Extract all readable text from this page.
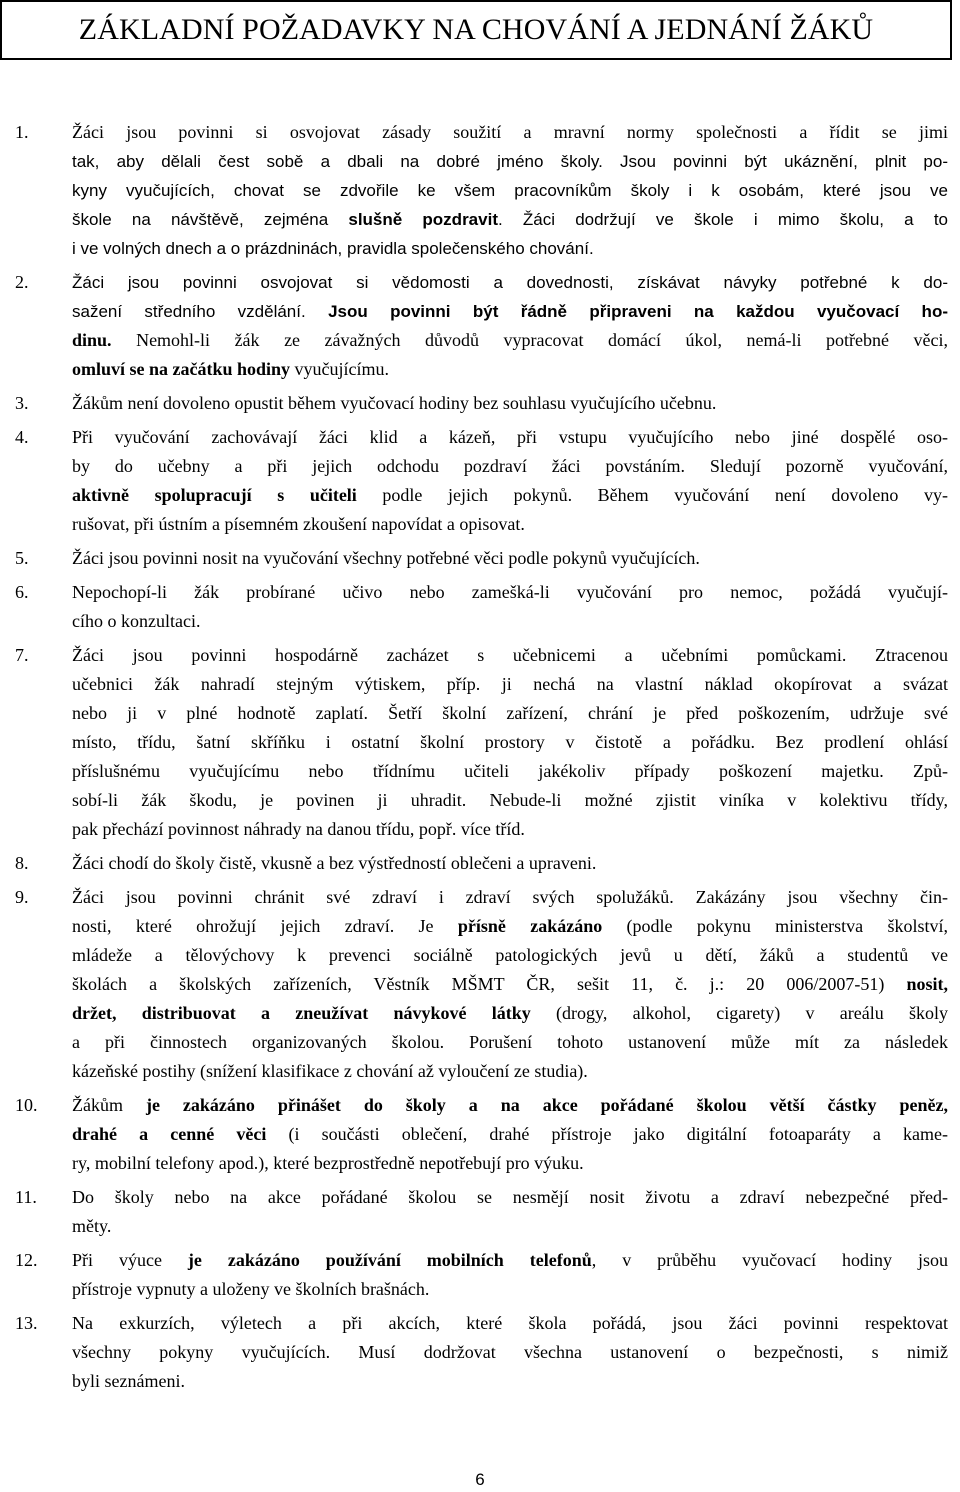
ZÁKLADNÍ POŽADAVKY NA CHOVÁNÍ A JEDNÁNÍ ŽÁKŮ
1.	Žáci jsou povinni si osvojovat zásady soužití a mravní normy společnosti a řídit se jimi
tak, aby dělali čest sobě a dbali na dobré jméno školy. Jsou povinni být ukáznění, plnit po-
kyny vyučujících, chovat se zdvořile ke všem pracovníkům školy i k osobám, které jsou ve
škole na návštěvě, zejména slušně pozdravit. Žáci dodržují ve škole i mimo školu, a to
i ve volných dnech a o prázdninách, pravidla společenského chování.
2.	Žáci jsou povinni osvojovat si vědomosti a dovednosti, získávat návyky potřebné k do-
sažení středního vzdělání. Jsou povinni být řádně připraveni na každou vyučovací ho-
dinu. Nemohl-li žák ze závažných důvodů vypracovat domácí úkol, nemá-li potřebné věci,
omluví se na začátku hodiny vyučujícímu.
3.	Žákům není dovoleno opustit během vyučovací hodiny bez souhlasu vyučujícího učebnu.
4.	Při vyučování zachovávají žáci klid a kázeň, při vstupu vyučujícího nebo jiné dospělé oso-
by do učebny a při jejich odchodu pozdraví žáci povstáním. Sledují pozorně vyučování,
aktivně spolupracují s učiteli podle jejich pokynů. Během vyučování není dovoleno vy-
rušovat, při ústním a písemném zkoušení napovídat a opisovat.
5.	Žáci jsou povinni nosit na vyučování všechny potřebné věci podle pokynů vyučujících.
6.	Nepochopí-li žák probírané učivo nebo zamešká-li vyučování pro nemoc, požádá vyučují-
cího o konzultaci.
7.	Žáci jsou povinni hospodárně zacházet s učebnicemi a učebními pomůckami. Ztracenou
učebnici žák nahradí stejným výtiskem, příp. ji nechá na vlastní náklad okopírovat a svázat
nebo ji v plné hodnotě zaplatí. Šetří školní zařízení, chrání je před poškozením, udržuje své
místo, třídu, šatní skříňku i ostatní školní prostory v čistotě a pořádku. Bez prodlení ohlásí
příslušnému vyučujícímu nebo třídnímu učiteli jakékoliv případy poškození majetku. Způ-
sobí-li žák škodu, je povinen ji uhradit. Nebude-li možné zjistit viníka v kolektivu třídy,
pak přechází povinnost náhrady na danou třídu, popř. více tříd.
8.	Žáci chodí do školy čistě, vkusně a bez výstředností oblečeni a upraveni.
9.	Žáci jsou povinni chránit své zdraví i zdraví svých spolužáků. Zakázány jsou všechny čin-
nosti, které ohrožují jejich zdraví. Je přísně zakázáno (podle pokynu ministerstva školství,
mládeže a tělovýchovy k prevenci sociálně patologických jevů u dětí, žáků a studentů ve
školách a školských zařízeních, Věstník MŠMT ČR, sešit 11, č. j.: 20 006/2007-51) nosit,
držet, distribuovat a zneužívat návykové látky (drogy, alkohol, cigarety) v areálu školy
a při činnostech organizovaných školou. Porušení tohoto ustanovení může mít za následek
kázeňské postihy (snížení klasifikace z chování až vyloučení ze studia).
10.	Žákům je zakázáno přinášet do školy a na akce pořádané školou větší částky peněz,
drahé a cenné věci (i součásti oblečení, drahé přístroje jako digitální fotoaparáty a kame-
ry, mobilní telefony apod.), které bezprostředně nepotřebují pro výuku.
11.	Do školy nebo na akce pořádané školou se nesmějí nosit životu a zdraví nebezpečné před-
měty.
12.	Při výuce je zakázáno používání mobilních telefonů, v průběhu vyučovací hodiny jsou
přístroje vypnuty a uloženy ve školních brašnách.
13.	Na exkurzích, výletech a při akcích, které škola pořádá, jsou žáci povinni respektovat
všechny pokyny vyučujících. Musí dodržovat všechna ustanovení o bezpečnosti, s nimiž
byli seznámeni.
6
